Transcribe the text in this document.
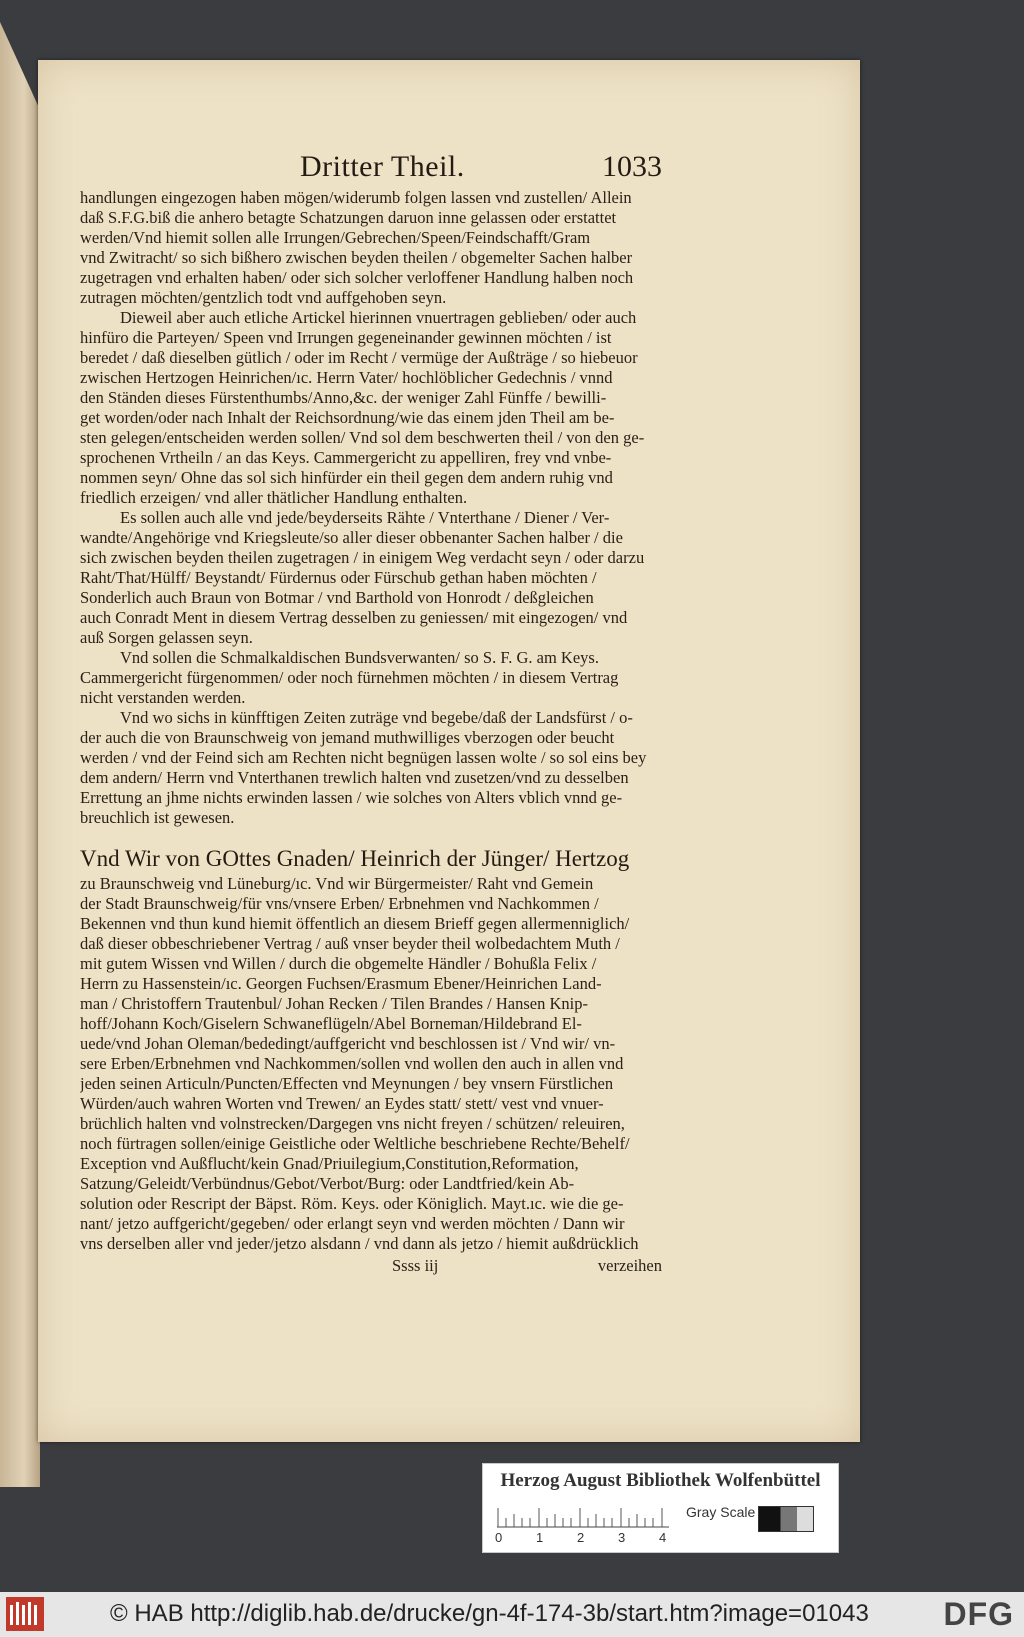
Dritter Theil.	1033
handlungen eingezogen haben mögen/widerumb folgen lassen vnd zustellen/ Allein
daß S.F.G.biß die anhero betagte Schatzungen daruon inne gelassen oder erstattet
werden/Vnd hiemit sollen alle Irrungen/Gebrechen/Speen/Feindschafft/Gram
vnd Zwitracht/ so sich bißhero zwischen beyden theilen / obgemelter Sachen halber
zugetragen vnd erhalten haben/ oder sich solcher verloffener Handlung halben noch
zutragen möchten/gentzlich todt vnd auffgehoben seyn.
Dieweil aber auch etliche Artickel hierinnen vnuertragen geblieben/ oder auch
hinfüro die Parteyen/ Speen vnd Irrungen gegeneinander gewinnen möchten / ist
beredet / daß dieselben gütlich / oder im Recht / vermüge der Außträge / so hiebeuor
zwischen Hertzogen Heinrichen/ıc. Herrn Vater/ hochlöblicher Gedechnis / vnnd
den Ständen dieses Fürstenthumbs/Anno,&c. der weniger Zahl Fünffe / bewilli-
get worden/oder nach Inhalt der Reichsordnung/wie das einem jden Theil am be-
sten gelegen/entscheiden werden sollen/ Vnd sol dem beschwerten theil / von den ge-
sprochenen Vrtheiln / an das Keys. Cammergericht zu appelliren, frey vnd vnbe-
nommen seyn/ Ohne das sol sich hinfürder ein theil gegen dem andern ruhig vnd
friedlich erzeigen/ vnd aller thätlicher Handlung enthalten.
Es sollen auch alle vnd jede/beyderseits Rähte / Vnterthane / Diener / Ver-
wandte/Angehörige vnd Kriegsleute/so aller dieser obbenanter Sachen halber / die
sich zwischen beyden theilen zugetragen / in einigem Weg verdacht seyn / oder darzu
Raht/That/Hülff/ Beystandt/ Fürdernus oder Fürschub gethan haben möchten /
Sonderlich auch Braun von Botmar / vnd Barthold von Honrodt / deßgleichen
auch Conradt Ment in diesem Vertrag desselben zu geniessen/ mit eingezogen/ vnd
auß Sorgen gelassen seyn.
Vnd sollen die Schmalkaldischen Bundsverwanten/ so S. F. G. am Keys.
Cammergericht fürgenommen/ oder noch fürnehmen möchten / in diesem Vertrag
nicht verstanden werden.
Vnd wo sichs in künfftigen Zeiten zuträge vnd begebe/daß der Landsfürst / o-
der auch die von Braunschweig von jemand muthwilliges vberzogen oder beucht
werden / vnd der Feind sich am Rechten nicht begnügen lassen wolte / so sol eins bey
dem andern/ Herrn vnd Vnterthanen trewlich halten vnd zusetzen/vnd zu desselben
Errettung an jhme nichts erwinden lassen / wie solches von Alters vblich vnnd ge-
breuchlich ist gewesen.
Vnd Wir von GOttes Gnaden/ Heinrich der Jünger/ Hertzog
zu Braunschweig vnd Lüneburg/ıc. Vnd wir Bürgermeister/ Raht vnd Gemein
der Stadt Braunschweig/für vns/vnsere Erben/ Erbnehmen vnd Nachkommen /
Bekennen vnd thun kund hiemit öffentlich an diesem Brieff gegen allermenniglich/
daß dieser obbeschriebener Vertrag / auß vnser beyder theil wolbedachtem Muth /
mit gutem Wissen vnd Willen / durch die obgemelte Händler / Bohußla Felix /
Herrn zu Hassenstein/ıc. Georgen Fuchsen/Erasmum Ebener/Heinrichen Land-
man / Christoffern Trautenbul/ Johan Recken / Tilen Brandes / Hansen Knip-
hoff/Johann Koch/Giselern Schwaneflügeln/Abel Borneman/Hildebrand El-
uede/vnd Johan Oleman/bededingt/auffgericht vnd beschlossen ist / Vnd wir/ vn-
sere Erben/Erbnehmen vnd Nachkommen/sollen vnd wollen den auch in allen vnd
jeden seinen Articuln/Puncten/Effecten vnd Meynungen / bey vnsern Fürstlichen
Würden/auch wahren Worten vnd Trewen/ an Eydes statt/ stett/ vest vnd vnuer-
brüchlich halten vnd volnstrecken/Dargegen vns nicht freyen / schützen/ releuiren,
noch fürtragen sollen/einige Geistliche oder Weltliche beschriebene Rechte/Behelf/
Exception vnd Außflucht/kein Gnad/Priuilegium,Constitution,Reformation,
Satzung/Geleidt/Verbündnus/Gebot/Verbot/Burg: oder Landtfried/kein Ab-
solution oder Rescript der Bäpst. Röm. Keys. oder Königlich. Mayt.ıc. wie die ge-
nant/ jetzo auffgericht/gegeben/ oder erlangt seyn vnd werden möchten / Dann wir
vns derselben aller vnd jeder/jetzo alsdann / vnd dann als jetzo / hiemit außdrücklich
Ssss iij	verzeihen
Herzog August Bibliothek Wolfenbüttel
0	1	2	3	4
Gray Scale
© HAB http://diglib.hab.de/drucke/gn-4f-174-3b/start.htm?image=01043 DFG
